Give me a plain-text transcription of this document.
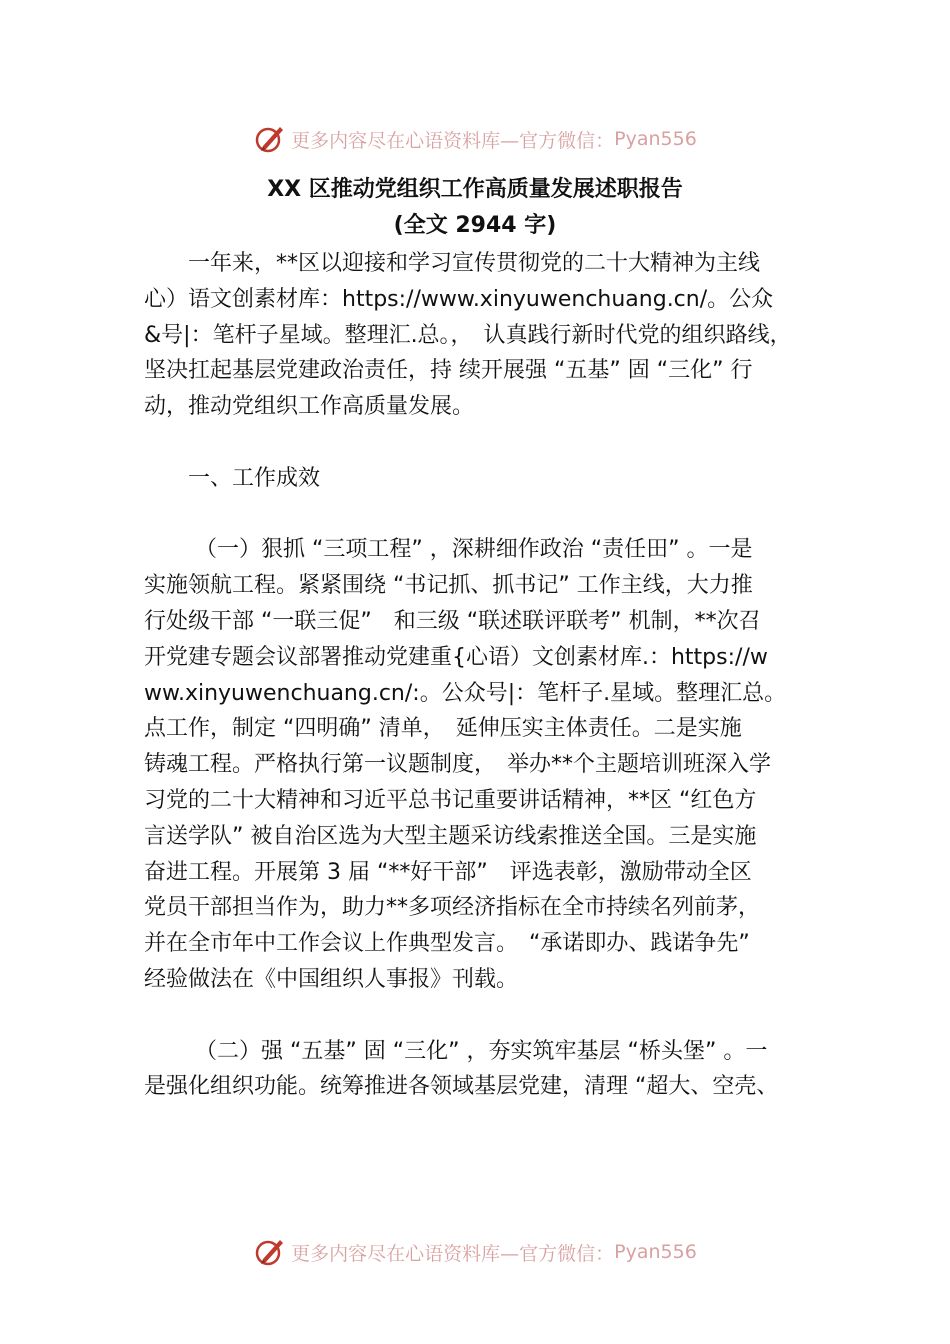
更多内容尽在心语资料库—官方微信： Pyan556
XX 区推动党组织工作高质量发展述职报告
(全文 2944 字)
　　一年来，**区以迎接和学习宣传贯彻党的二十大精神为主线
心）语文创素材库：https://www.xinyuwenchuang.cn/。公众
&号|：笔杆子星域。整理汇.总。，　认真践行新时代党的组织路线，
坚决扛起基层党建政治责任，持 续开展强 “五基” 固 “三化” 行
动，推动党组织工作高质量发展。
　　一、工作成效
　　 （一）狠抓 “三项工程” ，深耕细作政治 “责任田” 。一是
实施领航工程。紧紧围绕 “书记抓、抓书记” 工作主线，大力推
行处级干部 “一联三促”　和三级 “联述联评联考” 机制，**次召
开党建专题会议部署推动党建重{心语）文创素材库.：https://w
ww.xinyuwenchuang.cn/:。公众号|：笔杆子.星域。整理汇总。
点工作，制定 “四明确” 清单，　延伸压实主体责任。二是实施
铸魂工程。严格执行第一议题制度，　举办**个主题培训班深入学
习党的二十大精神和习近平总书记重要讲话精神，**区 “红色方
言送学队” 被自治区选为大型主题采访线索推送全国。三是实施
奋进工程。开展第 3 届 “**好干部”　评选表彰，激励带动全区
党员干部担当作为，助力**多项经济指标在全市持续名列前茅，
并在全市年中工作会议上作典型发言。　“承诺即办、践诺争先”
经验做法在《中国组织人事报》刊载。
　　 （二）强 “五基” 固 “三化” ，夯实筑牢基层 “桥头堡” 。一
是强化组织功能。统筹推进各领域基层党建，清理 “超大、空壳、
更多内容尽在心语资料库—官方微信： Pyan556
